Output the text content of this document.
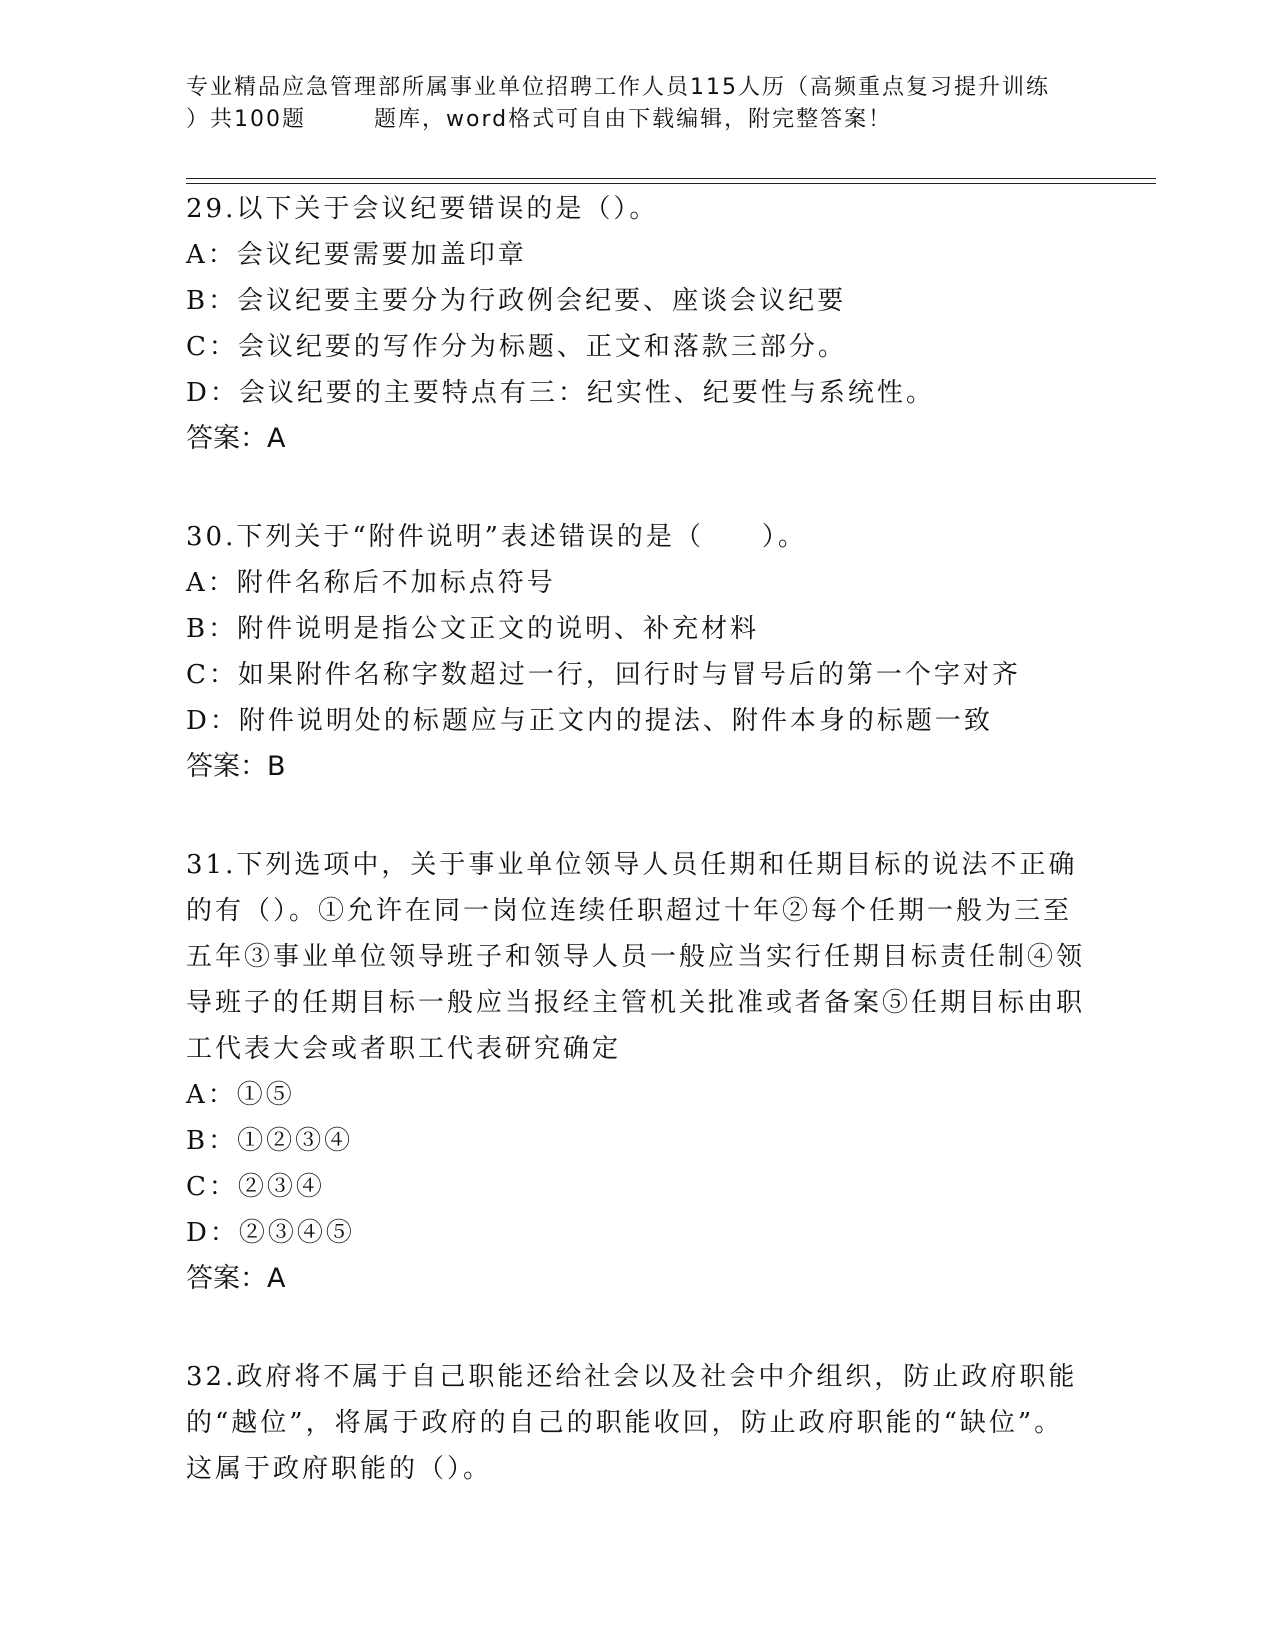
专业精品应急管理部所属事业单位招聘工作人员115人历（高频重点复习提升训练
）共100题	题库，word格式可自由下载编辑，附完整答案！
29.以下关于会议纪要错误的是（）。
A：会议纪要需要加盖印章
B：会议纪要主要分为行政例会纪要、座谈会议纪要
C：会议纪要的写作分为标题、正文和落款三部分。
D：会议纪要的主要特点有三：纪实性、纪要性与系统性。
答案：A
30.下列关于“附件说明”表述错误的是（　　）。
A：附件名称后不加标点符号
B：附件说明是指公文正文的说明、补充材料
C：如果附件名称字数超过一行，回行时与冒号后的第一个字对齐
D：附件说明处的标题应与正文内的提法、附件本身的标题一致
答案：B
31.下列选项中，关于事业单位领导人员任期和任期目标的说法不正确的有（）。①允许在同一岗位连续任职超过十年②每个任期一般为三至五年③事业单位领导班子和领导人员一般应当实行任期目标责任制④领导班子的任期目标一般应当报经主管机关批准或者备案⑤任期目标由职工代表大会或者职工代表研究确定
A：①⑤
B：①②③④
C：②③④
D：②③④⑤
答案：A
32.政府将不属于自己职能还给社会以及社会中介组织，防止政府职能的“越位”，将属于政府的自己的职能收回，防止政府职能的“缺位”。这属于政府职能的（）。
